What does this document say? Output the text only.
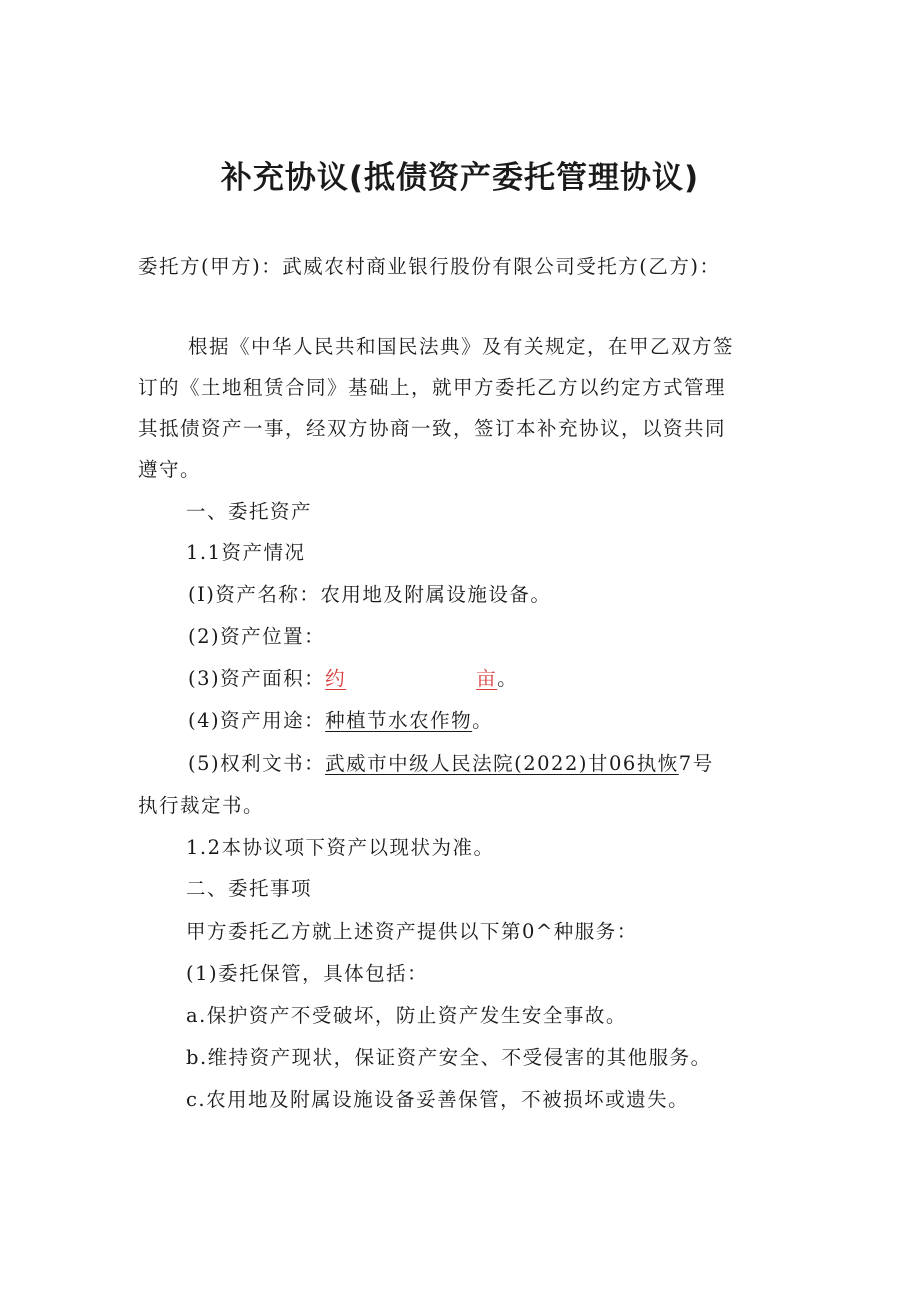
补充协议(抵债资产委托管理协议)
委托方(甲方)：武威农村商业银行股份有限公司受托方(乙方)：
根据《中华人民共和国民法典》及有关规定，在甲乙双方签
订的《土地租赁合同》基础上，就甲方委托乙方以约定方式管理
其抵债资产一事，经双方协商一致，签订本补充协议，以资共同
遵守。
一、委托资产
1.1资产情况
(I)资产名称：农用地及附属设施设备。
(2)资产位置：
(3)资产面积：约	亩。
(4)资产用途：种植节水农作物。
(5)权利文书：武威市中级人民法院(2022)甘06执恢7号
执行裁定书。
1.2本协议项下资产以现状为准。
二、委托事项
甲方委托乙方就上述资产提供以下第0^种服务：
(1)委托保管，具体包括：
a.保护资产不受破坏，防止资产发生安全事故。
b.维持资产现状，保证资产安全、不受侵害的其他服务。
c.农用地及附属设施设备妥善保管，不被损坏或遗失。
